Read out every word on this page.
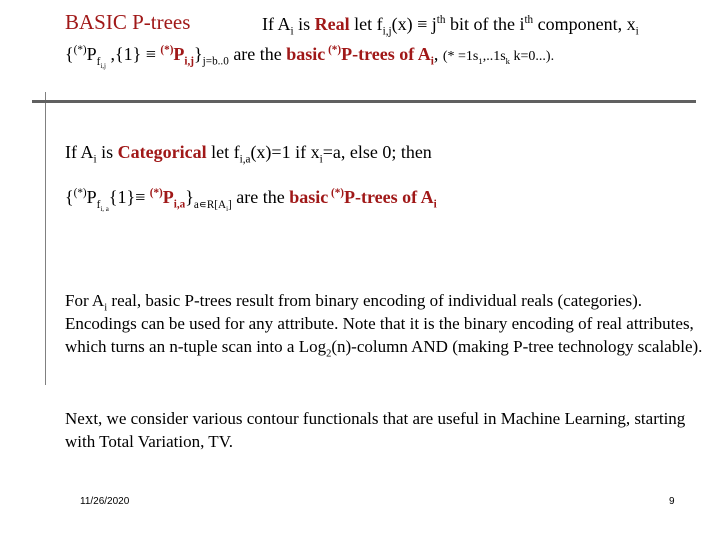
BASIC P-trees	If $A_i$ is Real let $f_{i,j}(x) \equiv j^{th}$ bit of the $i^{th}$ component, $x_i$
{$^{(*)}P_{f_{i,j}}$ $,\{1\} \equiv ^{(*)}P_{i,j}\}_{j=b..0}$ are the basic (*)P-trees of $A_i$, (* $=1s_1,..1s_k$ k=0...).
If $A_i$ is Categorical let $f_{i,a}(x)=1$ if $x_i=a$, else 0; then
$\{^{(*)}P_{f_{i, a}}\{1\}\equiv ^{(*)}P_{i,a}\}_{a∊R[A_i]}$ are the basic (*)P-trees of $A_i$
For $A_i$ real, basic P-trees result from binary encoding of individual reals (categories). Encodings can be used for any attribute. Note that it is the binary encoding of real attributes, which turns an n-tuple scan into a Log$_2$(n)-column AND (making P-tree technology scalable).
Next, we consider various contour functionals that are useful in Machine Learning, starting with Total Variation, TV.
11/26/2020	9
